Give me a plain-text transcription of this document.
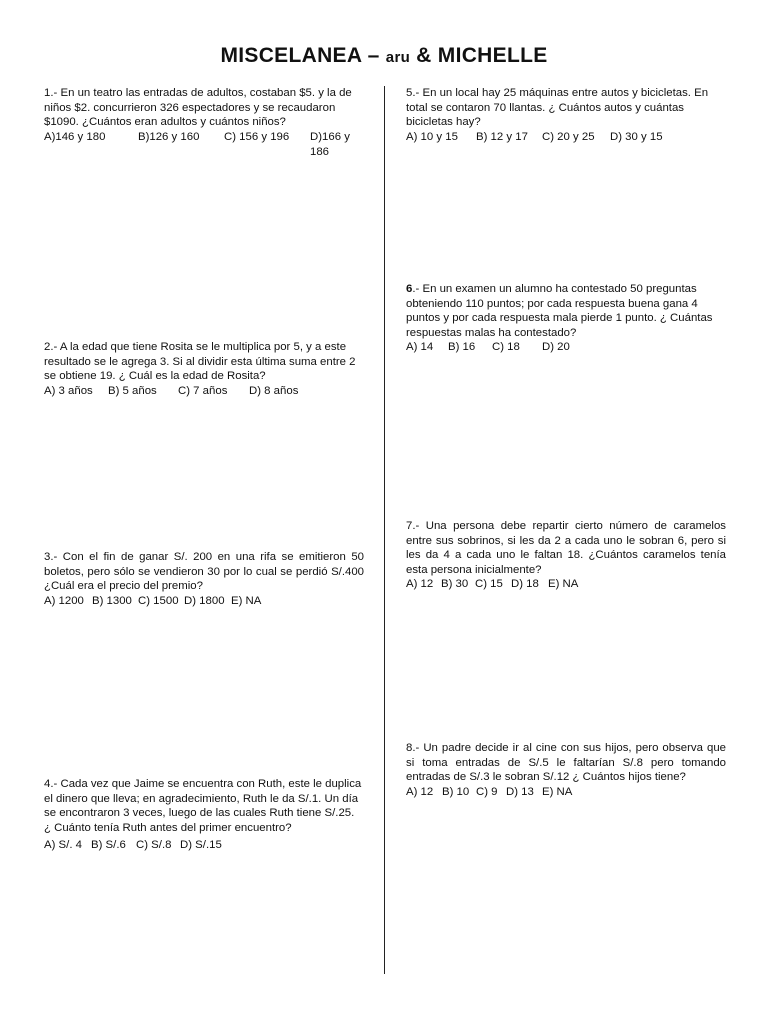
MISCELANEA – aru & MICHELLE

1.- En un teatro las entradas de adultos, costaban $5. y la de niños $2. concurrieron 326 espectadores y se recaudaron $1090. ¿Cuántos eran adultos y cuántos niños?

A)146 y 180	B)126 y 160	C) 156 y 196	D)166 y 186

2.- A la edad que tiene Rosita se le multiplica por 5, y a este resultado se le agrega 3. Si al dividir esta última suma entre 2 se obtiene 19. ¿ Cuál es la edad de Rosita?

A) 3 años	B) 5 años	C) 7 años	D) 8 años

3.- Con el fin de ganar S/. 200 en una rifa se emitieron 50 boletos, pero sólo se vendieron 30 por lo cual se perdió S/.400 ¿Cuál era el precio del premio?

A) 1200 B) 1300 C) 1500 D) 1800 E) NA

4.- Cada vez que Jaime se encuentra con Ruth, este le duplica el dinero que lleva; en agradecimiento, Ruth le da S/.1. Un día se encontraron 3 veces, luego de las cuales Ruth tiene S/.25. ¿ Cuánto tenía Ruth antes del primer encuentro?

A) S/. 4 B) S/.6 C) S/.8 D) S/.15

5.- En un local hay 25 máquinas entre autos y bicicletas. En total se contaron 70 llantas. ¿ Cuántos autos y cuántas bicicletas hay?

A) 10 y 15	B) 12 y 17	C) 20 y 25	D) 30 y 15

6.- En un examen un alumno ha contestado 50 preguntas obteniendo 110 puntos; por cada respuesta buena gana 4 puntos y por cada respuesta mala pierde 1 punto. ¿ Cuántas respuestas malas ha contestado?

A) 14	B) 16	C) 18	D) 20

7.- Una persona debe repartir cierto número de caramelos entre sus sobrinos, si les da 2 a cada uno le sobran 6, pero si les da 4 a cada uno le faltan 18. ¿Cuántos caramelos tenía esta persona inicialmente?

A) 12 B) 30 C) 15 D) 18 E) NA

8.- Un padre decide ir al cine con sus hijos, pero observa que si toma entradas de S/.5 le faltarían S/.8 pero tomando entradas de S/.3 le sobran S/.12 ¿ Cuántos hijos tiene?

A) 12 B) 10 C) 9 D) 13 E) NA
